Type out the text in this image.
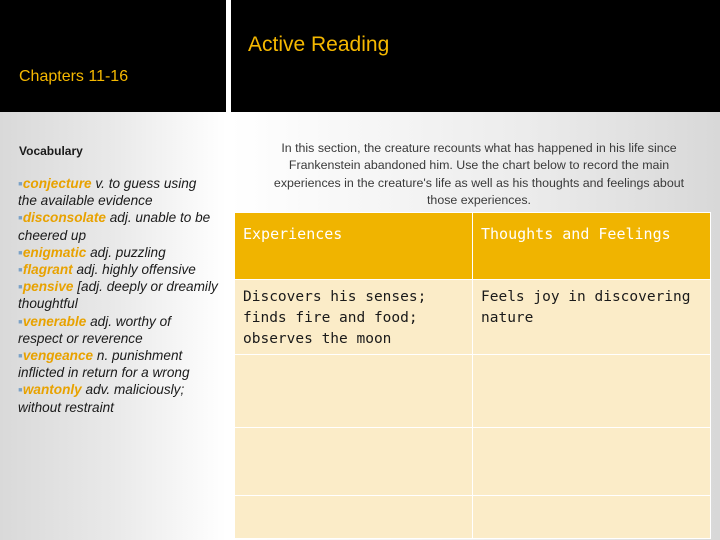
Active Reading
Chapters 11-16
Vocabulary
▪conjecture v. to guess using the available evidence
▪disconsolate adj. unable to be cheered up
▪enigmatic adj. puzzling
▪flagrant adj. highly offensive
▪pensive [adj. deeply or dreamily thoughtful
▪venerable adj. worthy of respect or reverence
▪vengeance n. punishment inflicted in return for a wrong
▪wantonly adv. maliciously; without restraint
In this section, the creature recounts what has happened in his life since Frankenstein abandoned him. Use the chart below to record the main experiences in the creature's life as well as his thoughts and feelings about those experiences.
Experiences	Thoughts and Feelings
Discovers his senses; finds fire and food; observes the moon	Feels joy in discovering nature
